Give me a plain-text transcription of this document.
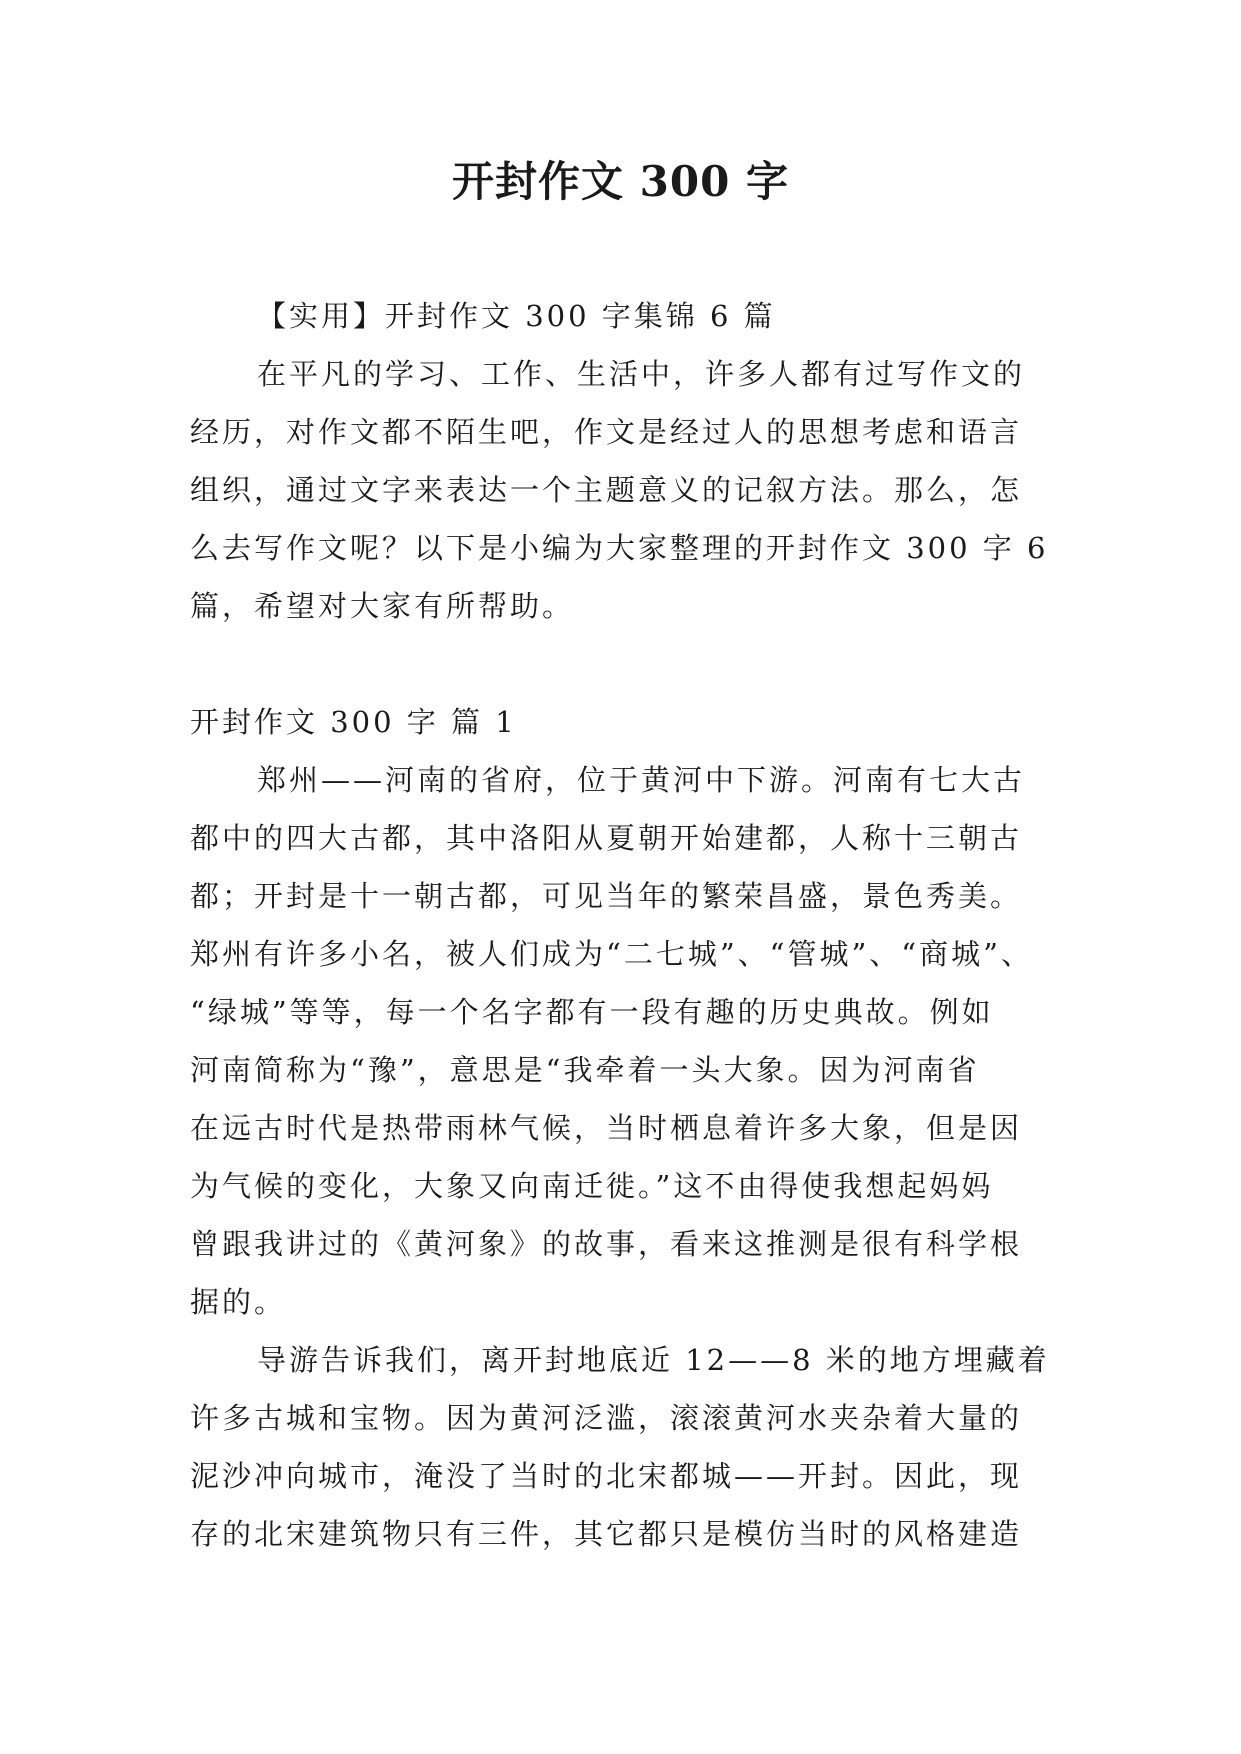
开封作文 300 字
【实用】开封作文 300 字集锦 6 篇
在平凡的学习、工作、生活中，许多人都有过写作文的
经历，对作文都不陌生吧，作文是经过人的思想考虑和语言
组织，通过文字来表达一个主题意义的记叙方法。那么，怎
么去写作文呢？以下是小编为大家整理的开封作文 300 字 6
篇，希望对大家有所帮助。
开封作文 300 字 篇 1
郑州——河南的省府，位于黄河中下游。河南有七大古
都中的四大古都，其中洛阳从夏朝开始建都，人称十三朝古
都；开封是十一朝古都，可见当年的繁荣昌盛，景色秀美。
郑州有许多小名，被人们成为“二七城”、“管城”、“商城”、
“绿城”等等，每一个名字都有一段有趣的历史典故。例如
河南简称为“豫”，意思是“我牵着一头大象。因为河南省
在远古时代是热带雨林气候，当时栖息着许多大象，但是因
为气候的变化，大象又向南迁徙。”这不由得使我想起妈妈
曾跟我讲过的《黄河象》的故事，看来这推测是很有科学根
据的。
导游告诉我们，离开封地底近 12——8 米的地方埋藏着
许多古城和宝物。因为黄河泛滥，滚滚黄河水夹杂着大量的
泥沙冲向城市，淹没了当时的北宋都城——开封。因此，现
存的北宋建筑物只有三件，其它都只是模仿当时的风格建造
